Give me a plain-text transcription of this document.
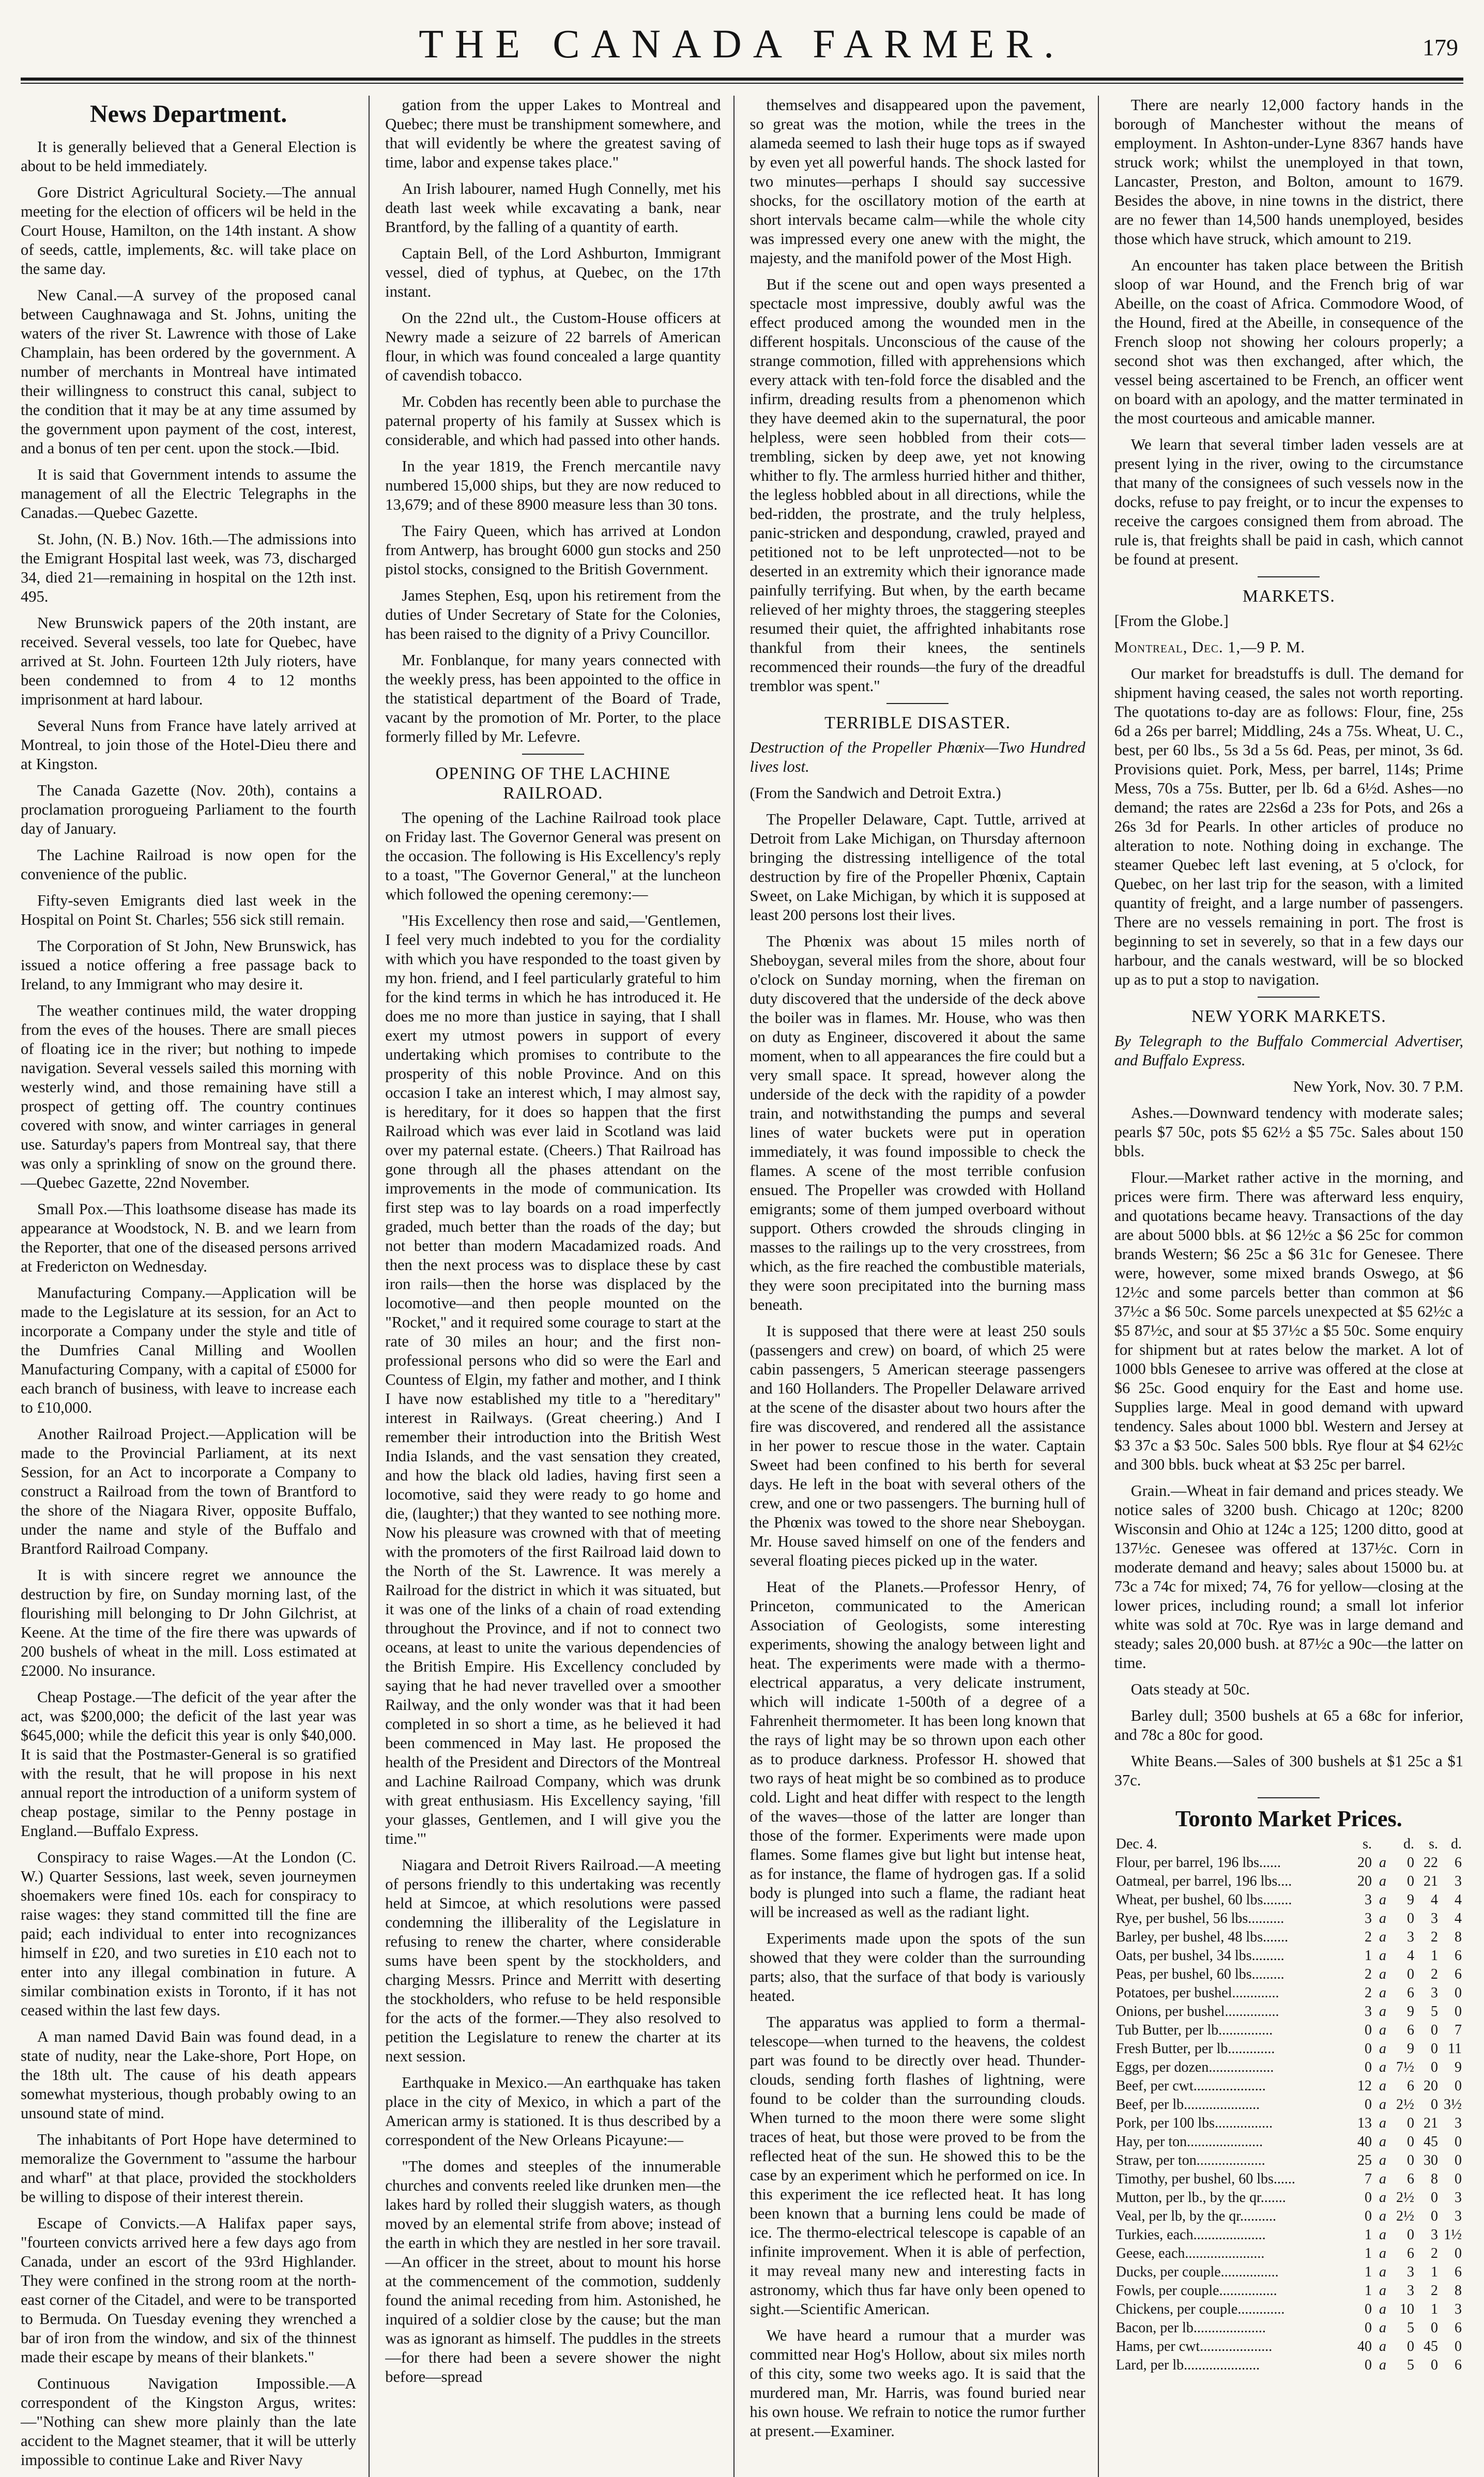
THE CANADA FARMER.	179
News Department.

It is generally believed that a General Election is about to be held immediately.

Gore District Agricultural Society.—The annual meeting for the election of officers wil be held in the Court House, Hamilton, on the 14th instant. A show of seeds, cattle, implements, &c. will take place on the same day.

New Canal.—A survey of the proposed canal between Caughnawaga and St. Johns, uniting the waters of the river St. Lawrence with those of Lake Champlain, has been ordered by the government. A number of merchants in Montreal have intimated their willingness to construct this canal, subject to the condition that it may be at any time assumed by the government upon payment of the cost, interest, and a bonus of ten per cent. upon the stock.—Ibid.

It is said that Government intends to assume the management of all the Electric Telegraphs in the Canadas.—Quebec Gazette.

St. John, (N. B.) Nov. 16th.—The admissions into the Emigrant Hospital last week, was 73, discharged 34, died 21—remaining in hospital on the 12th inst. 495.

New Brunswick papers of the 20th instant, are received. Several vessels, too late for Quebec, have arrived at St. John. Fourteen 12th July rioters, have been condemned to from 4 to 12 months imprisonment at hard labour.

Several Nuns from France have lately arrived at Montreal, to join those of the Hotel-Dieu there and at Kingston.

The Canada Gazette (Nov. 20th), contains a proclamation prorogueing Parliament to the fourth day of January.

The Lachine Railroad is now open for the convenience of the public.

Fifty-seven Emigrants died last week in the Hospital on Point St. Charles; 556 sick still remain.

The Corporation of St John, New Brunswick, has issued a notice offering a free passage back to Ireland, to any Immigrant who may desire it.

The weather continues mild, the water dropping from the eves of the houses. There are small pieces of floating ice in the river; but nothing to impede navigation. Several vessels sailed this morning with westerly wind, and those remaining have still a prospect of getting off. The country continues covered with snow, and winter carriages in general use. Saturday's papers from Montreal say, that there was only a sprinkling of snow on the ground there.—Quebec Gazette, 22nd November.

Small Pox.—This loathsome disease has made its appearance at Woodstock, N. B. and we learn from the Reporter, that one of the diseased persons arrived at Fredericton on Wednesday.

Manufacturing Company.—Application will be made to the Legislature at its session, for an Act to incorporate a Company under the style and title of the Dumfries Canal Milling and Woollen Manufacturing Company, with a capital of £5000 for each branch of business, with leave to increase each to £10,000.

Another Railroad Project.—Application will be made to the Provincial Parliament, at its next Session, for an Act to incorporate a Company to construct a Railroad from the town of Brantford to the shore of the Niagara River, opposite Buffalo, under the name and style of the Buffalo and Brantford Railroad Company.

It is with sincere regret we announce the destruction by fire, on Sunday morning last, of the flourishing mill belonging to Dr John Gilchrist, at Keene. At the time of the fire there was upwards of 200 bushels of wheat in the mill. Loss estimated at £2000. No insurance.

Cheap Postage.—The deficit of the year after the act, was $200,000; the deficit of the last year was $645,000; while the deficit this year is only $40,000. It is said that the Postmaster-General is so gratified with the result, that he will propose in his next annual report the introduction of a uniform system of cheap postage, similar to the Penny postage in England.—Buffalo Express.

Conspiracy to raise Wages.—At the London (C. W.) Quarter Sessions, last week, seven journeymen shoemakers were fined 10s. each for conspiracy to raise wages: they stand committed till the fine are paid; each individual to enter into recognizances himself in £20, and two sureties in £10 each not to enter into any illegal combination in future. A similar combination exists in Toronto, if it has not ceased within the last few days.

A man named David Bain was found dead, in a state of nudity, near the Lake-shore, Port Hope, on the 18th ult. The cause of his death appears somewhat mysterious, though probably owing to an unsound state of mind.

The inhabitants of Port Hope have determined to memoralize the Government to "assume the harbour and wharf" at that place, provided the stockholders be willing to dispose of their interest therein.

Escape of Convicts.—A Halifax paper says, "fourteen convicts arrived here a few days ago from Canada, under an escort of the 93rd Highlander. They were confined in the strong room at the north-east corner of the Citadel, and were to be transported to Bermuda. On Tuesday evening they wrenched a bar of iron from the window, and six of the thinnest made their escape by means of their blankets."

Continuous Navigation Impossible.—A correspondent of the Kingston Argus, writes:—"Nothing can shew more plainly than the late accident to the Magnet steamer, that it will be utterly impossible to continue Lake and River Navy

gation from the upper Lakes to Montreal and Quebec; there must be transhipment somewhere, and that will evidently be where the greatest saving of time, labor and expense takes place."

An Irish labourer, named Hugh Connelly, met his death last week while excavating a bank, near Brantford, by the falling of a quantity of earth.

Captain Bell, of the Lord Ashburton, Immigrant vessel, died of typhus, at Quebec, on the 17th instant.

On the 22nd ult., the Custom-House officers at Newry made a seizure of 22 barrels of American flour, in which was found concealed a large quantity of cavendish tobacco.

Mr. Cobden has recently been able to purchase the paternal property of his family at Sussex which is considerable, and which had passed into other hands.

In the year 1819, the French mercantile navy numbered 15,000 ships, but they are now reduced to 13,679; and of these 8900 measure less than 30 tons.

The Fairy Queen, which has arrived at London from Antwerp, has brought 6000 gun stocks and 250 pistol stocks, consigned to the British Government.

James Stephen, Esq, upon his retirement from the duties of Under Secretary of State for the Colonies, has been raised to the dignity of a Privy Councillor.

Mr. Fonblanque, for many years connected with the weekly press, has been appointed to the office in the statistical department of the Board of Trade, vacant by the promotion of Mr. Porter, to the place formerly filled by Mr. Lefevre.

OPENING OF THE LACHINE RAILROAD.

The opening of the Lachine Railroad took place on Friday last. The Governor General was present on the occasion. The following is His Excellency's reply to a toast, "The Governor General," at the luncheon which followed the opening ceremony:—

"His Excellency then rose and said,—'Gentlemen, I feel very much indebted to you for the cordiality with which you have responded to the toast given by my hon. friend, and I feel particularly grateful to him for the kind terms in which he has introduced it. He does me no more than justice in saying, that I shall exert my utmost powers in support of every undertaking which promises to contribute to the prosperity of this noble Province. And on this occasion I take an interest which, I may almost say, is hereditary, for it does so happen that the first Railroad which was ever laid in Scotland was laid over my paternal estate. (Cheers.) That Railroad has gone through all the phases attendant on the improvements in the mode of communication. Its first step was to lay boards on a road imperfectly graded, much better than the roads of the day; but not better than modern Macadamized roads. And then the next process was to displace these by cast iron rails—then the horse was displaced by the locomotive—and then people mounted on the "Rocket," and it required some courage to start at the rate of 30 miles an hour; and the first non-professional persons who did so were the Earl and Countess of Elgin, my father and mother, and I think I have now established my title to a "hereditary" interest in Railways. (Great cheering.) And I remember their introduction into the British West India Islands, and the vast sensation they created, and how the black old ladies, having first seen a locomotive, said they were ready to go home and die, (laughter;) that they wanted to see nothing more. Now his pleasure was crowned with that of meeting with the promoters of the first Railroad laid down to the North of the St. Lawrence. It was merely a Railroad for the district in which it was situated, but it was one of the links of a chain of road extending throughout the Province, and if not to connect two oceans, at least to unite the various dependencies of the British Empire. His Excellency concluded by saying that he had never travelled over a smoother Railway, and the only wonder was that it had been completed in so short a time, as he believed it had been commenced in May last. He proposed the health of the President and Directors of the Montreal and Lachine Railroad Company, which was drunk with great enthusiasm. His Excellency saying, 'fill your glasses, Gentlemen, and I will give you the time.'"

Niagara and Detroit Rivers Railroad.—A meeting of persons friendly to this undertaking was recently held at Simcoe, at which resolutions were passed condemning the illiberality of the Legislature in refusing to renew the charter, where considerable sums have been spent by the stockholders, and charging Messrs. Prince and Merritt with deserting the stockholders, who refuse to be held responsible for the acts of the former.—They also resolved to petition the Legislature to renew the charter at its next session.

Earthquake in Mexico.—An earthquake has taken place in the city of Mexico, in which a part of the American army is stationed. It is thus described by a correspondent of the New Orleans Picayune:—

"The domes and steeples of the innumerable churches and convents reeled like drunken men—the lakes hard by rolled their sluggish waters, as though moved by an elemental strife from above; instead of the earth in which they are nestled in her sore travail.—An officer in the street, about to mount his horse at the commencement of the commotion, suddenly found the animal receding from him. Astonished, he inquired of a soldier close by the cause; but the man was as ignorant as himself. The puddles in the streets—for there had been a severe shower the night before—spread

themselves and disappeared upon the pavement, so great was the motion, while the trees in the alameda seemed to lash their huge tops as if swayed by even yet all powerful hands. The shock lasted for two minutes—perhaps I should say successive shocks, for the oscillatory motion of the earth at short intervals became calm—while the whole city was impressed every one anew with the might, the majesty, and the manifold power of the Most High.

But if the scene out and open ways presented a spectacle most impressive, doubly awful was the effect produced among the wounded men in the different hospitals. Unconscious of the cause of the strange commotion, filled with apprehensions which every attack with ten-fold force the disabled and the infirm, dreading results from a phenomenon which they have deemed akin to the supernatural, the poor helpless, were seen hobbled from their cots—trembling, sicken by deep awe, yet not knowing whither to fly. The armless hurried hither and thither, the legless hobbled about in all directions, while the bed-ridden, the prostrate, and the truly helpless, panic-stricken and despondung, crawled, prayed and petitioned not to be left unprotected—not to be deserted in an extremity which their ignorance made painfully terrifying. But when, by the earth became relieved of her mighty throes, the staggering steeples resumed their quiet, the affrighted inhabitants rose thankful from their knees, the sentinels recommenced their rounds—the fury of the dreadful tremblor was spent."

TERRIBLE DISASTER.

Destruction of the Propeller Phœnix—Two Hundred lives lost.

(From the Sandwich and Detroit Extra.)

The Propeller Delaware, Capt. Tuttle, arrived at Detroit from Lake Michigan, on Thursday afternoon bringing the distressing intelligence of the total destruction by fire of the Propeller Phœnix, Captain Sweet, on Lake Michigan, by which it is supposed at least 200 persons lost their lives.

The Phœnix was about 15 miles north of Sheboygan, several miles from the shore, about four o'clock on Sunday morning, when the fireman on duty discovered that the underside of the deck above the boiler was in flames. Mr. House, who was then on duty as Engineer, discovered it about the same moment, when to all appearances the fire could but a very small space. It spread, however along the underside of the deck with the rapidity of a powder train, and notwithstanding the pumps and several lines of water buckets were put in operation immediately, it was found impossible to check the flames. A scene of the most terrible confusion ensued. The Propeller was crowded with Holland emigrants; some of them jumped overboard without support. Others crowded the shrouds clinging in masses to the railings up to the very crosstrees, from which, as the fire reached the combustible materials, they were soon precipitated into the burning mass beneath.

It is supposed that there were at least 250 souls (passengers and crew) on board, of which 25 were cabin passengers, 5 American steerage passengers and 160 Hollanders. The Propeller Delaware arrived at the scene of the disaster about two hours after the fire was discovered, and rendered all the assistance in her power to rescue those in the water. Captain Sweet had been confined to his berth for several days. He left in the boat with several others of the crew, and one or two passengers. The burning hull of the Phœnix was towed to the shore near Sheboygan. Mr. House saved himself on one of the fenders and several floating pieces picked up in the water.

Heat of the Planets.—Professor Henry, of Princeton, communicated to the American Association of Geologists, some interesting experiments, showing the analogy between light and heat. The experiments were made with a thermo-electrical apparatus, a very delicate instrument, which will indicate 1-500th of a degree of a Fahrenheit thermometer. It has been long known that the rays of light may be so thrown upon each other as to produce darkness. Professor H. showed that two rays of heat might be so combined as to produce cold. Light and heat differ with respect to the length of the waves—those of the latter are longer than those of the former. Experiments were made upon flames. Some flames give but light but intense heat, as for instance, the flame of hydrogen gas. If a solid body is plunged into such a flame, the radiant heat will be increased as well as the radiant light.

Experiments made upon the spots of the sun showed that they were colder than the surrounding parts; also, that the surface of that body is variously heated.

The apparatus was applied to form a thermal-telescope—when turned to the heavens, the coldest part was found to be directly over head. Thunder-clouds, sending forth flashes of lightning, were found to be colder than the surrounding clouds. When turned to the moon there were some slight traces of heat, but those were proved to be from the reflected heat of the sun. He showed this to be the case by an experiment which he performed on ice. In this experiment the ice reflected heat. It has long been known that a burning lens could be made of ice. The thermo-electrical telescope is capable of an infinite improvement. When it is able of perfection, it may reveal many new and interesting facts in astronomy, which thus far have only been opened to sight.—Scientific American.

We have heard a rumour that a murder was committed near Hog's Hollow, about six miles north of this city, some two weeks ago. It is said that the murdered man, Mr. Harris, was found buried near his own house. We refrain to notice the rumor further at present.—Examiner.

There are nearly 12,000 factory hands in the borough of Manchester without the means of employment. In Ashton-under-Lyne 8367 hands have struck work; whilst the unemployed in that town, Lancaster, Preston, and Bolton, amount to 1679. Besides the above, in nine towns in the district, there are no fewer than 14,500 hands unemployed, besides those which have struck, which amount to 219.

An encounter has taken place between the British sloop of war Hound, and the French brig of war Abeille, on the coast of Africa. Commodore Wood, of the Hound, fired at the Abeille, in consequence of the French sloop not showing her colours properly; a second shot was then exchanged, after which, the vessel being ascertained to be French, an officer went on board with an apology, and the matter terminated in the most courteous and amicable manner.

We learn that several timber laden vessels are at present lying in the river, owing to the circumstance that many of the consignees of such vessels now in the docks, refuse to pay freight, or to incur the expenses to receive the cargoes consigned them from abroad. The rule is, that freights shall be paid in cash, which cannot be found at present.

MARKETS.

[From the Globe.]

Montreal, Dec. 1,—9 P. M.

Our market for breadstuffs is dull. The demand for shipment having ceased, the sales not worth reporting. The quotations to-day are as follows: Flour, fine, 25s 6d a 26s per barrel; Middling, 24s a 75s. Wheat, U. C., best, per 60 lbs., 5s 3d a 5s 6d. Peas, per minot, 3s 6d. Provisions quiet. Pork, Mess, per barrel, 114s; Prime Mess, 70s a 75s. Butter, per lb. 6d a 6½d. Ashes—no demand; the rates are 22s6d a 23s for Pots, and 26s a 26s 3d for Pearls. In other articles of produce no alteration to note. Nothing doing in exchange. The steamer Quebec left last evening, at 5 o'clock, for Quebec, on her last trip for the season, with a limited quantity of freight, and a large number of passengers. There are no vessels remaining in port. The frost is beginning to set in severely, so that in a few days our harbour, and the canals westward, will be so blocked up as to put a stop to navigation.

NEW YORK MARKETS.

By Telegraph to the Buffalo Commercial Advertiser, and Buffalo Express.

New York, Nov. 30. 7 P.M.

Ashes.—Downward tendency with moderate sales; pearls $7 50c, pots $5 62½ a $5 75c. Sales about 150 bbls.

Flour.—Market rather active in the morning, and prices were firm. There was afterward less enquiry, and quotations became heavy. Transactions of the day are about 5000 bbls. at $6 12½c a $6 25c for common brands Western; $6 25c a $6 31c for Genesee. There were, however, some mixed brands Oswego, at $6 12½c and some parcels better than common at $6 37½c a $6 50c. Some parcels unexpected at $5 62½c a $5 87½c, and sour at $5 37½c a $5 50c. Some enquiry for shipment but at rates below the market. A lot of 1000 bbls Genesee to arrive was offered at the close at $6 25c. Good enquiry for the East and home use. Supplies large. Meal in good demand with upward tendency. Sales about 1000 bbl. Western and Jersey at $3 37c a $3 50c. Sales 500 bbls. Rye flour at $4 62½c and 300 bbls. buck wheat at $3 25c per barrel.

Grain.—Wheat in fair demand and prices steady. We notice sales of 3200 bush. Chicago at 120c; 8200 Wisconsin and Ohio at 124c a 125; 1200 ditto, good at 137½c. Genesee was offered at 137½c. Corn in moderate demand and heavy; sales about 15000 bu. at 73c a 74c for mixed; 74, 76 for yellow—closing at the lower prices, including round; a small lot inferior white was sold at 70c. Rye was in large demand and steady; sales 20,000 bush. at 87½c a 90c—the latter on time.

Oats steady at 50c.

Barley dull; 3500 bushels at 65 a 68c for inferior, and 78c a 80c for good.

White Beans.—Sales of 300 bushels at $1 25c a $1 37c.

Toronto Market Prices.
Dec. 4.	s.		d.	s.	d.
Flour, per barrel, 196 lbs......	20	a	0	22	6
Oatmeal, per barrel, 196 lbs....	20	a	0	21	3
Wheat, per bushel, 60 lbs........	3	a	9	4	4
Rye, per bushel, 56 lbs..........	3	a	0	3	4
Barley, per bushel, 48 lbs.......	2	a	3	2	8
Oats, per bushel, 34 lbs.........	1	a	4	1	6
Peas, per bushel, 60 lbs.........	2	a	0	2	6
Potatoes, per bushel.............	2	a	6	3	0
Onions, per bushel...............	3	a	9	5	0
Tub Butter, per lb...............	0	a	6	0	7
Fresh Butter, per lb.............	0	a	9	0	11
Eggs, per dozen..................	0	a	7½	0	9
Beef, per cwt....................	12	a	6	20	0
Beef, per lb.....................	0	a	2½	0	3½
Pork, per 100 lbs................	13	a	0	21	3
Hay, per ton.....................	40	a	0	45	0
Straw, per ton...................	25	a	0	30	0
Timothy, per bushel, 60 lbs......	7	a	6	8	0
Mutton, per lb., by the qr.......	0	a	2½	0	3
Veal, per lb, by the qr..........	0	a	2½	0	3
Turkies, each....................	1	a	0	3	1½
Geese, each......................	1	a	6	2	0
Ducks, per couple................	1	a	3	1	6
Fowls, per couple................	1	a	3	2	8
Chickens, per couple.............	0	a	10	1	3
Bacon, per lb....................	0	a	5	0	6
Hams, per cwt....................	40	a	0	45	0
Lard, per lb.....................	0	a	5	0	6
